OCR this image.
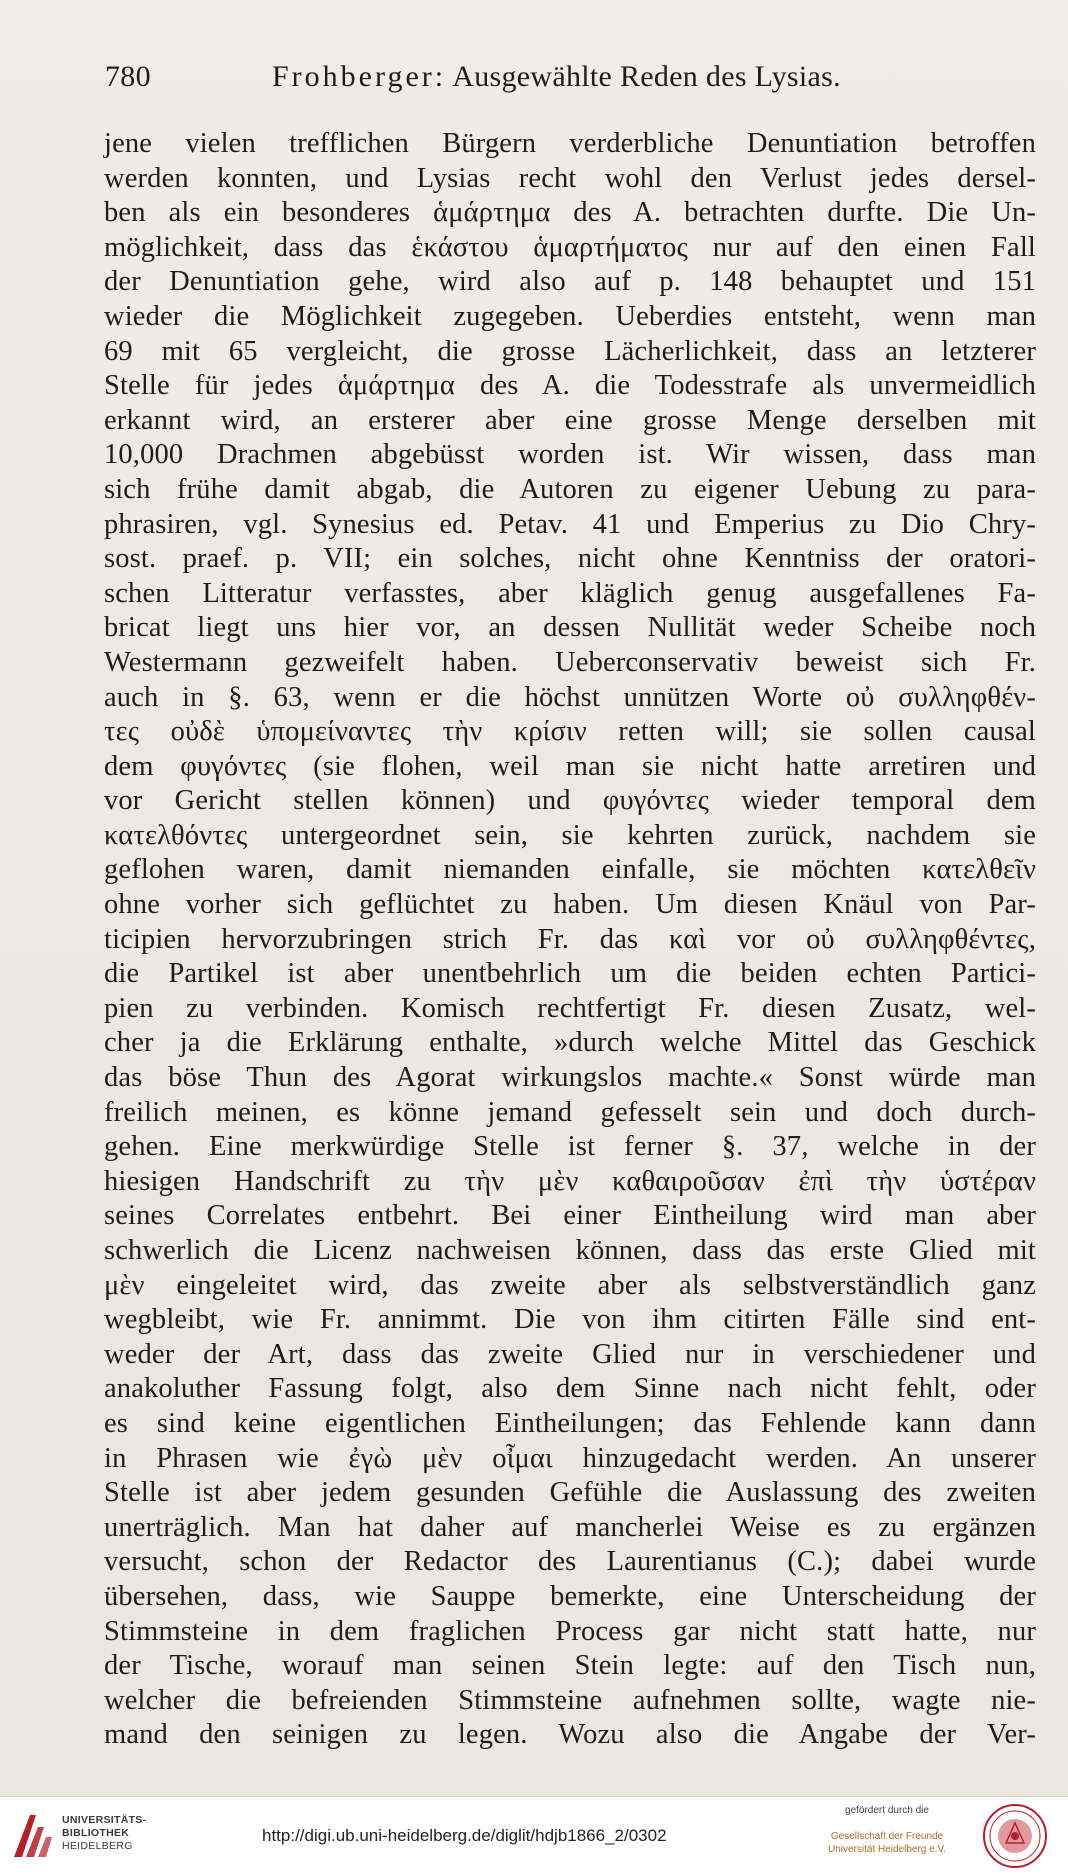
780	Frohberger: Ausgewählte Reden des Lysias.
jene vielen trefflichen Bürgern verderbliche Denuntiation betroffen
werden konnten, und Lysias recht wohl den Verlust jedes dersel-
ben als ein besonderes ἁμάρτημα des A. betrachten durfte. Die Un-
möglichkeit, dass das ἑκάστου ἁμαρτήματος nur auf den einen Fall
der Denuntiation gehe, wird also auf p. 148 behauptet und 151
wieder die Möglichkeit zugegeben. Ueberdies entsteht, wenn man
69 mit 65 vergleicht, die grosse Lächerlichkeit, dass an letzterer
Stelle für jedes ἁμάρτημα des A. die Todesstrafe als unvermeidlich
erkannt wird, an ersterer aber eine grosse Menge derselben mit
10,000 Drachmen abgebüsst worden ist. Wir wissen, dass man
sich frühe damit abgab, die Autoren zu eigener Uebung zu para-
phrasiren, vgl. Synesius ed. Petav. 41 und Emperius zu Dio Chry-
sost. praef. p. VII; ein solches, nicht ohne Kenntniss der oratori-
schen Litteratur verfasstes, aber kläglich genug ausgefallenes Fa-
bricat liegt uns hier vor, an dessen Nullität weder Scheibe noch
Westermann gezweifelt haben. Ueberconservativ beweist sich Fr.
auch in §. 63, wenn er die höchst unnützen Worte οὐ συλληφθέν-
τες οὐδὲ ὑπομείναντες τὴν κρίσιν retten will; sie sollen causal
dem φυγόντες (sie flohen, weil man sie nicht hatte arretiren und
vor Gericht stellen können) und φυγόντες wieder temporal dem
κατελθόντες untergeordnet sein, sie kehrten zurück, nachdem sie
geflohen waren, damit niemanden einfalle, sie möchten κατελθεῖν
ohne vorher sich geflüchtet zu haben. Um diesen Knäul von Par-
ticipien hervorzubringen strich Fr. das καὶ vor οὐ συλληφθέντες,
die Partikel ist aber unentbehrlich um die beiden echten Partici-
pien zu verbinden. Komisch rechtfertigt Fr. diesen Zusatz, wel-
cher ja die Erklärung enthalte, »durch welche Mittel das Geschick
das böse Thun des Agorat wirkungslos machte.« Sonst würde man
freilich meinen, es könne jemand gefesselt sein und doch durch-
gehen. Eine merkwürdige Stelle ist ferner §. 37, welche in der
hiesigen Handschrift zu τὴν μὲν καθαιροῦσαν ἐπὶ τὴν ὑστέραν
seines Correlates entbehrt. Bei einer Eintheilung wird man aber
schwerlich die Licenz nachweisen können, dass das erste Glied mit
μὲν eingeleitet wird, das zweite aber als selbstverständlich ganz
wegbleibt, wie Fr. annimmt. Die von ihm citirten Fälle sind ent-
weder der Art, dass das zweite Glied nur in verschiedener und
anakoluther Fassung folgt, also dem Sinne nach nicht fehlt, oder
es sind keine eigentlichen Eintheilungen; das Fehlende kann dann
in Phrasen wie ἐγὼ μὲν οἶμαι hinzugedacht werden. An unserer
Stelle ist aber jedem gesunden Gefühle die Auslassung des zweiten
unerträglich. Man hat daher auf mancherlei Weise es zu ergänzen
versucht, schon der Redactor des Laurentianus (C.); dabei wurde
übersehen, dass, wie Sauppe bemerkte, eine Unterscheidung der
Stimmsteine in dem fraglichen Process gar nicht statt hatte, nur
der Tische, worauf man seinen Stein legte: auf den Tisch nun,
welcher die befreienden Stimmsteine aufnehmen sollte, wagte nie-
mand den seinigen zu legen. Wozu also die Angabe der Ver-
UNIVERSITÄTS-
BIBLIOTHEK
HEIDELBERG
http://digi.ub.uni-heidelberg.de/diglit/hdjb1866_2/0302
gefördert durch die
Gesellschaft der Freunde
Universität Heidelberg e.V.
